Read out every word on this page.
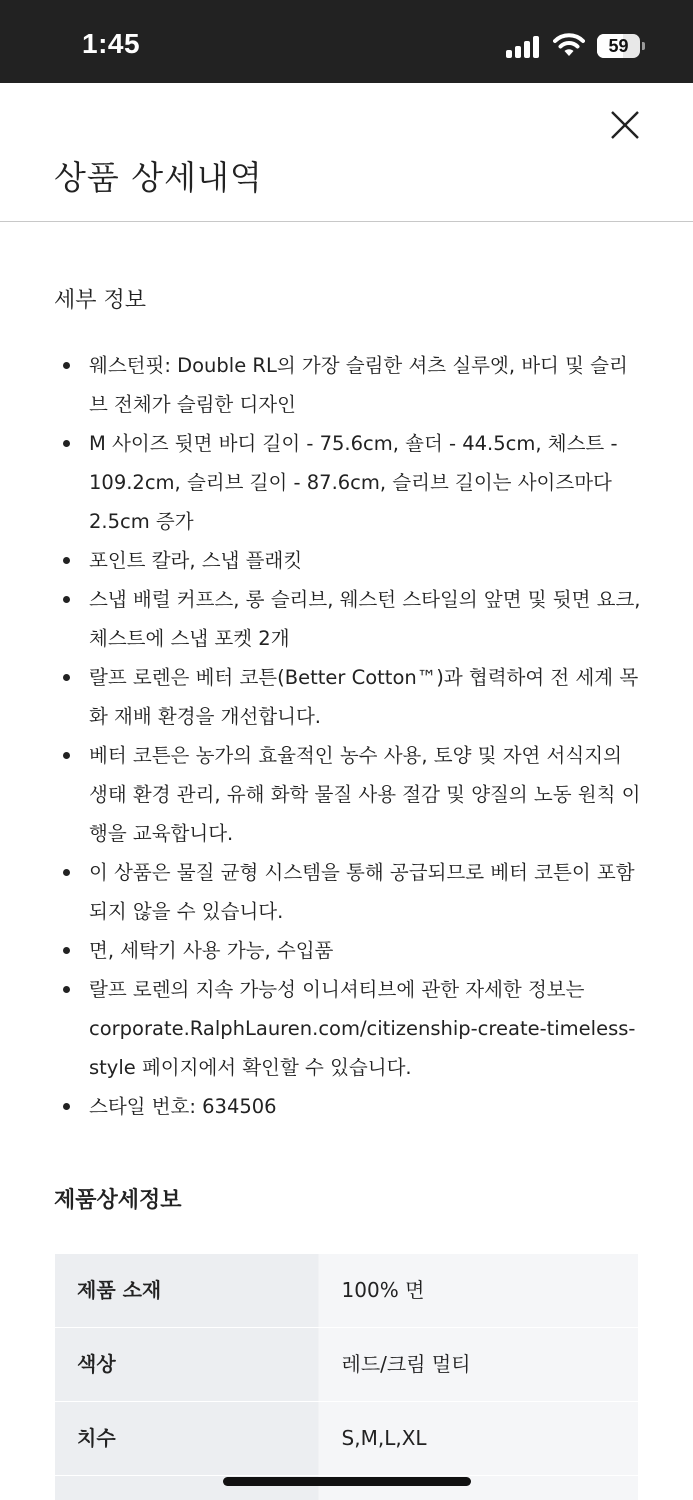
1:45	59
상품 상세내역
세부 정보
웨스턴핏: Double RL의 가장 슬림한 셔츠 실루엣, 바디 및 슬리브 전체가 슬림한 디자인
M 사이즈 뒷면 바디 길이 - 75.6cm, 숄더 - 44.5cm, 체스트 - 109.2cm, 슬리브 길이 - 87.6cm, 슬리브 길이는 사이즈마다 2.5cm 증가
포인트 칼라, 스냅 플래킷
스냅 배럴 커프스, 롱 슬리브, 웨스턴 스타일의 앞면 및 뒷면 요크, 체스트에 스냅 포켓 2개
랄프 로렌은 베터 코튼(Better Cotton™)과 협력하여 전 세계 목화 재배 환경을 개선합니다.
베터 코튼은 농가의 효율적인 농수 사용, 토양 및 자연 서식지의 생태 환경 관리, 유해 화학 물질 사용 절감 및 양질의 노동 원칙 이행을 교육합니다.
이 상품은 물질 균형 시스템을 통해 공급되므로 베터 코튼이 포함되지 않을 수 있습니다.
면, 세탁기 사용 가능, 수입품
랄프 로렌의 지속 가능성 이니셔티브에 관한 자세한 정보는 corporate.RalphLauren.com/citizenship-create-timeless-style 페이지에서 확인할 수 있습니다.
스타일 번호: 634506
제품상세정보
제품 소재	100% 면
색상	레드/크림 멀티
치수	S,M,L,XL
